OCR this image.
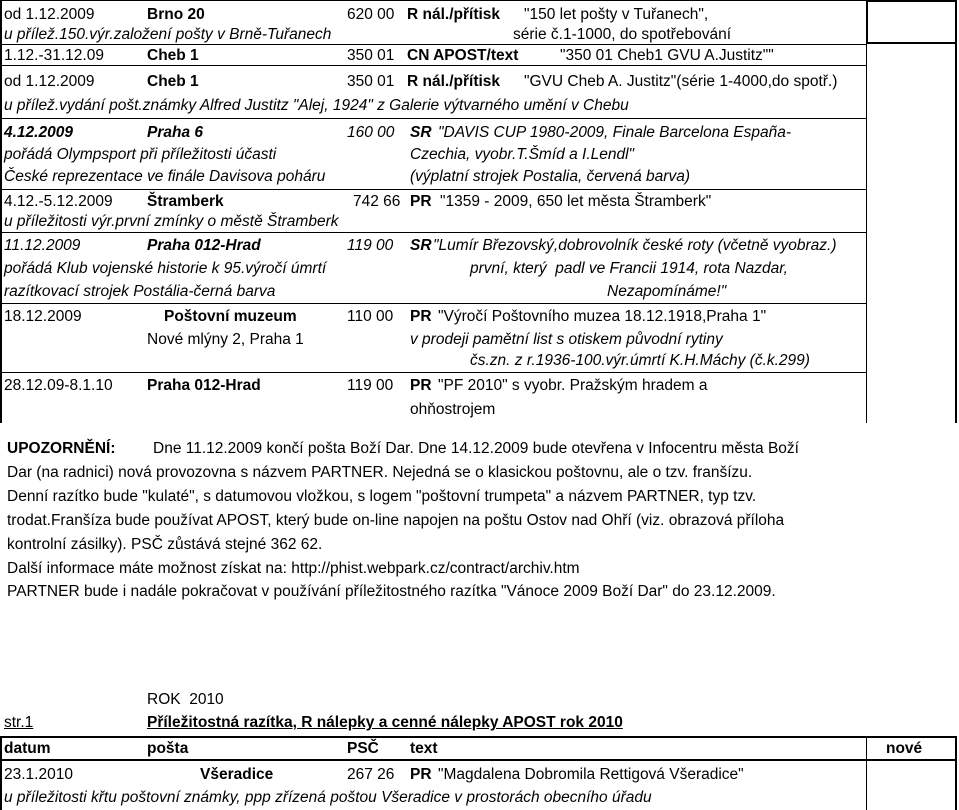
od 1.12.2009	Brno 20	620 00 R nál./přítisk "150 let pošty v Tuřanech",
u přílež.150.výr.založení pošty v Brně-Tuřanech	série č.1-1000, do spotřebování
1.12.-31.12.09	Cheb 1	350 01 CN APOST/text	"350 01 Cheb1 GVU A.Justitz""
od 1.12.2009	Cheb 1	350 01 R nál./přítisk "GVU Cheb A. Justitz"(série 1-4000,do spotř.)
u přílež.vydání pošt.známky Alfred Justitz "Alej, 1924" z Galerie výtvarného umění v Chebu
4.12.2009	Praha 6	160 00 SR "DAVIS CUP 1980-2009, Finale Barcelona España-
pořádá Olympsport při příležitosti účasti	Czechia, vyobr.T.Šmíd a I.Lendl"
České reprezentace ve finále Davisova poháru	(výplatní strojek Postalia, červená barva)
4.12.-5.12.2009 Štramberk	742 66 PR "1359 - 2009, 650 let města Štramberk"
u příležitosti výr.první zmínky o městě Štramberk
11.12.2009	Praha 012-Hrad	119 00 SR "Lumír Březovský,dobrovolník české roty (včetně vyobraz.)
pořádá Klub vojenské historie k 95.výročí úmrtí	první, který  padl ve Francii 1914, rota Nazdar,
razítkovací strojek Postália-černá barva	Nezapomínáme!"
18.12.2009	Poštovní muzeum	110 00 PR "Výročí Poštovního muzea 18.12.1918,Praha 1"
Nové mlýny 2, Praha 1	v prodeji pamětní list s otiskem původní rytiny
čs.zn. z r.1936-100.výr.úmrtí K.H.Máchy (č.k.299)
28.12.09-8.1.10 Praha 012-Hrad	119 00 PR "PF 2010" s vyobr. Pražským hradem a
ohňostrojem
UPOZORNĚNÍ: Dne 11.12.2009 končí pošta Boží Dar. Dne 14.12.2009 bude otevřena v Infocentru města Boží
Dar (na radnici) nová provozovna s názvem PARTNER. Nejedná se o klasickou poštovnu, ale o tzv. franšízu.
Denní razítko bude "kulaté", s datumovou vložkou, s logem "poštovní trumpeta" a názvem PARTNER, typ tzv.
trodat.Franšíza bude používat APOST, který bude on-line napojen na poštu Ostov nad Ohří (viz. obrazová příloha
kontrolní zásilky). PSČ zůstává stejné 362 62.
Další informace máte možnost získat na: http://phist.webpark.cz/contract/archiv.htm
PARTNER bude i nadále pokračovat v používání příležitostného razítka "Vánoce 2009 Boží Dar" do 23.12.2009.
ROK  2010
str.1	Příležitostná razítka, R nálepky a cenné nálepky APOST rok 2010
datum	pošta	PSČ text	nové
23.1.2010	Všeradice	267 26 PR "Magdalena Dobromila Rettigová Všeradice"
u příležitosti křtu poštovní známky, ppp zřízená poštou Všeradice v prostorách obecního úřadu
